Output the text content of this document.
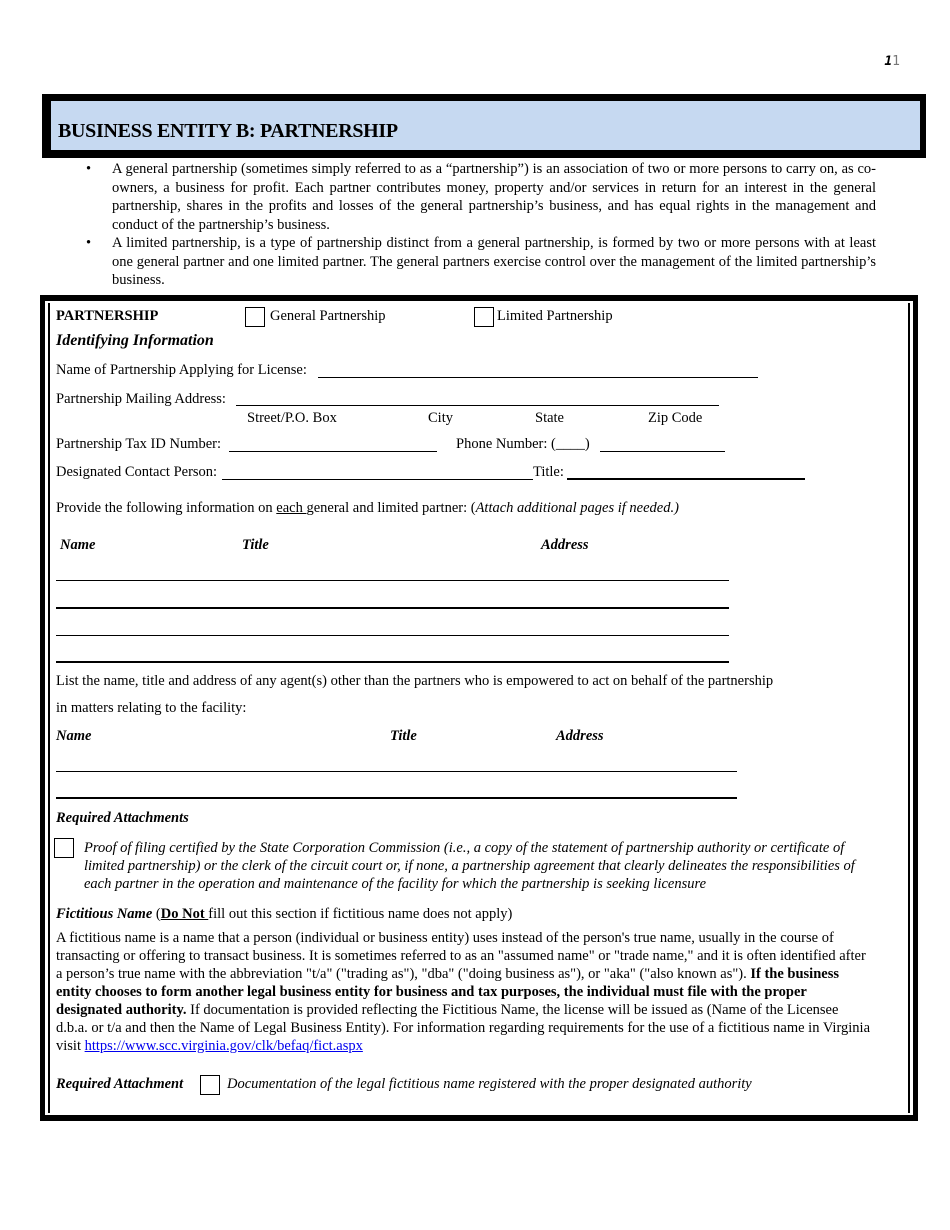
11
BUSINESS ENTITY B: PARTNERSHIP
• A general partnership (sometimes simply referred to as a “partnership”) is an association of two or more persons to carry on, as co-owners, a business for profit. Each partner contributes money, property and/or services in return for an interest in the general partnership, shares in the profits and losses of the general partnership’s business, and has equal rights in the management and conduct of the partnership’s business.
• A limited partnership, is a type of partnership distinct from a general partnership, is formed by two or more persons with at least one general partner and one limited partner. The general partners exercise control over the management of the limited partnership’s business.
PARTNERSHIP	General Partnership	Limited Partnership
Identifying Information
Name of Partnership Applying for License:
Partnership Mailing Address:
Street/P.O. Box	City	State	Zip Code
Partnership Tax ID Number:	Phone Number: (____)
Designated Contact Person:	Title:
Provide the following information on each general and limited partner: (Attach additional pages if needed.)
Name	Title	Address
List the name, title and address of any agent(s) other than the partners who is empowered to act on behalf of the partnership
in matters relating to the facility:
Name	Title	Address
Required Attachments
Proof of filing certified by the State Corporation Commission (i.e., a copy of the statement of partnership authority or certificate of limited partnership) or the clerk of the circuit court or, if none, a partnership agreement that clearly delineates the responsibilities of each partner in the operation and maintenance of the facility for which the partnership is seeking licensure
Fictitious Name (Do Not fill out this section if fictitious name does not apply)
A fictitious name is a name that a person (individual or business entity) uses instead of the person's true name, usually in the course of transacting or offering to transact business. It is sometimes referred to as an "assumed name" or "trade name," and it is often identified after a person’s true name with the abbreviation "t/a" ("trading as"), "dba" ("doing business as"), or "aka" ("also known as"). If the business entity chooses to form another legal business entity for business and tax purposes, the individual must file with the proper designated authority. If documentation is provided reflecting the Fictitious Name, the license will be issued as (Name of the Licensee d.b.a. or t/a and then the Name of Legal Business Entity). For information regarding requirements for the use of a fictitious name in Virginia visit https://www.scc.virginia.gov/clk/befaq/fict.aspx
Required Attachment	Documentation of the legal fictitious name registered with the proper designated authority
